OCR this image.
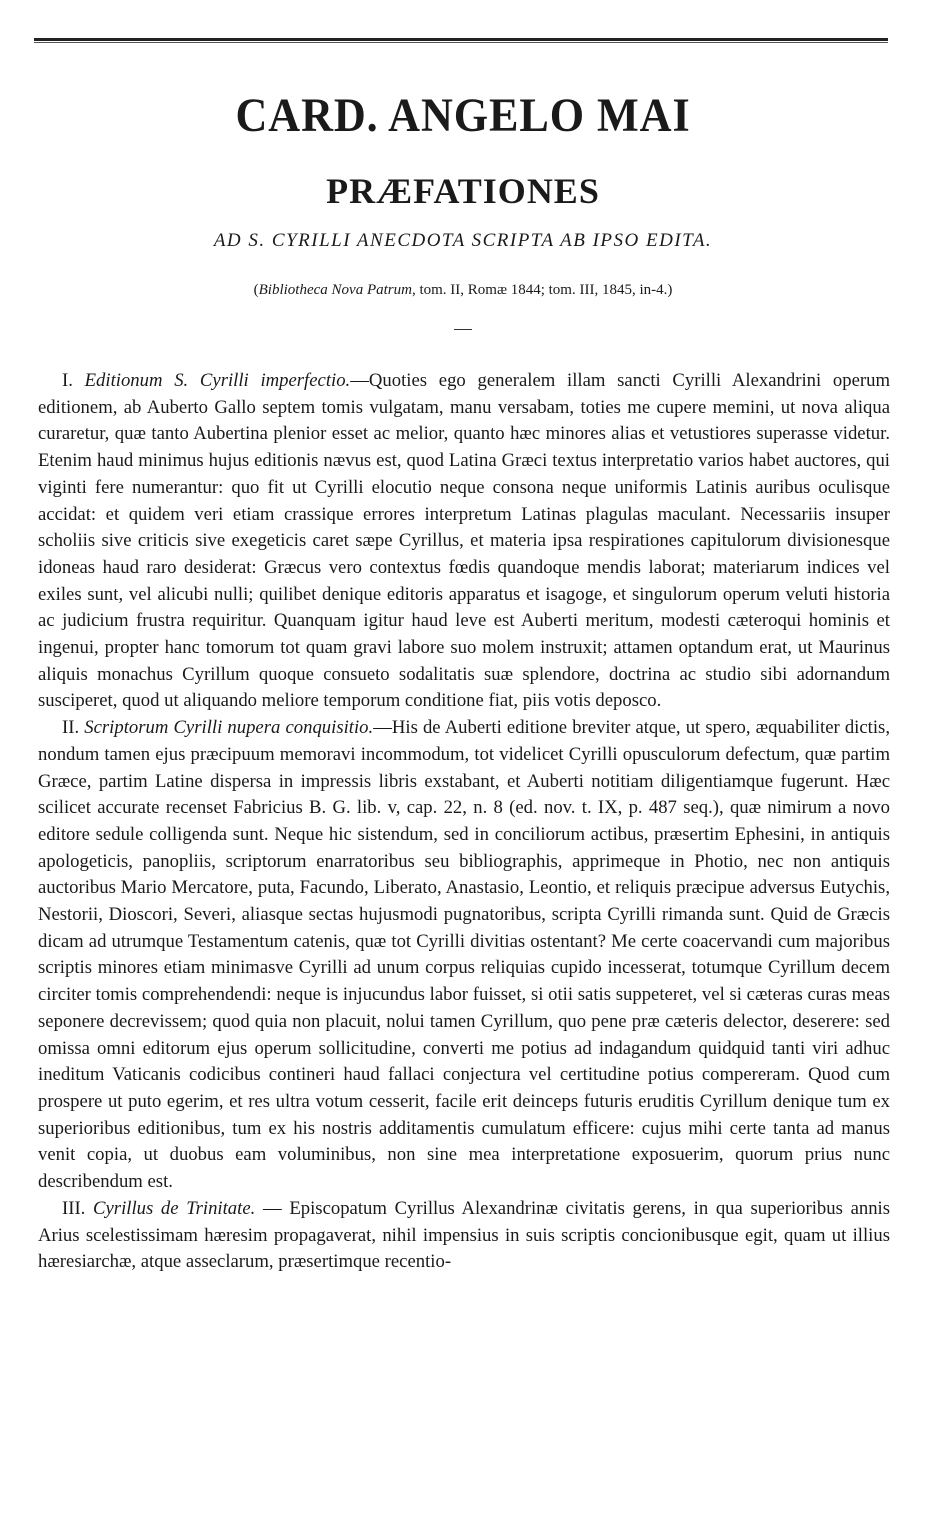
CARD. ANGELO MAI
PRÆFATIONES
AD S. CYRILLI ANECDOTA SCRIPTA AB IPSO EDITA.
(Bibliotheca Nova Patrum, tom. II, Romæ 1844; tom. III, 1845, in-4.)

I. Editionum S. Cyrilli imperfectio.—Quoties ego generalem illam sancti Cyrilli Alexandrini operum editionem, ab Auberto Gallo septem tomis vulgatam, manu versabam, toties me cupere memini, ut nova aliqua curaretur, quæ tanto Aubertina plenior esset ac melior, quanto hæc minores alias et vetustiores superasse videtur. Etenim haud minimus hujus editionis nævus est, quod Latina Græci textus interpretatio varios habet auctores, qui viginti fere numerantur: quo fit ut Cyrilli elocutio neque consona neque uniformis Latinis auribus oculisque accidat: et quidem veri etiam crassique errores interpretum Latinas plagulas maculant. Necessariis insuper scholiis sive criticis sive exegeticis caret sæpe Cyrillus, et materia ipsa respirationes capitulorum divisionesque idoneas haud raro desiderat: Græcus vero contextus fœdis quandoque mendis laborat; materiarum indices vel exiles sunt, vel alicubi nulli; quilibet denique editoris apparatus et isagoge, et singulorum operum veluti historia ac judicium frustra requiritur. Quanquam igitur haud leve est Auberti meritum, modesti cæteroqui hominis et ingenui, propter hanc tomorum tot quam gravi labore suo molem instruxit; attamen optandum erat, ut Maurinus aliquis monachus Cyrillum quoque consueto sodalitatis suæ splendore, doctrina ac studio sibi adornandum susciperet, quod ut aliquando meliore temporum conditione fiat, piis votis deposco.

II. Scriptorum Cyrilli nupera conquisitio.—His de Auberti editione breviter atque, ut spero, æquabiliter dictis, nondum tamen ejus præcipuum memoravi incommodum, tot videlicet Cyrilli opusculorum defectum, quæ partim Græce, partim Latine dispersa in impressis libris exstabant, et Auberti notitiam diligentiamque fugerunt. Hæc scilicet accurate recenset Fabricius B. G. lib. v, cap. 22, n. 8 (ed. nov. t. IX, p. 487 seq.), quæ nimirum a novo editore sedule colligenda sunt. Neque hic sistendum, sed in conciliorum actibus, præsertim Ephesini, in antiquis apologeticis, panopliis, scriptorum enarratoribus seu bibliographis, apprimeque in Photio, nec non antiquis auctoribus Mario Mercatore, puta, Facundo, Liberato, Anastasio, Leontio, et reliquis præcipue adversus Eutychis, Nestorii, Dioscori, Severi, aliasque sectas hujusmodi pugnatoribus, scripta Cyrilli rimanda sunt. Quid de Græcis dicam ad utrumque Testamentum catenis, quæ tot Cyrilli divitias ostentant? Me certe coacervandi cum majoribus scriptis minores etiam minimasve Cyrilli ad unum corpus reliquias cupido incesserat, totumque Cyrillum decem circiter tomis comprehendendi: neque is injucundus labor fuisset, si otii satis suppeteret, vel si cæteras curas meas seponere decrevissem; quod quia non placuit, nolui tamen Cyrillum, quo pene præ cæteris delector, deserere: sed omissa omni editorum ejus operum sollicitudine, converti me potius ad indagandum quidquid tanti viri adhuc ineditum Vaticanis codicibus contineri haud fallaci conjectura vel certitudine potius compereram. Quod cum prospere ut puto egerim, et res ultra votum cesserit, facile erit deinceps futuris eruditis Cyrillum denique tum ex superioribus editionibus, tum ex his nostris additamentis cumulatum efficere: cujus mihi certe tanta ad manus venit copia, ut duobus eam voluminibus, non sine mea interpretatione exposuerim, quorum prius nunc describendum est.

III. Cyrillus de Trinitate. — Episcopatum Cyrillus Alexandrinæ civitatis gerens, in qua superioribus annis Arius scelestissimam hæresim propagaverat, nihil impensius in suis scriptis concionibusque egit, quam ut illius hæresiarchæ, atque asseclarum, præsertimque recentio-
